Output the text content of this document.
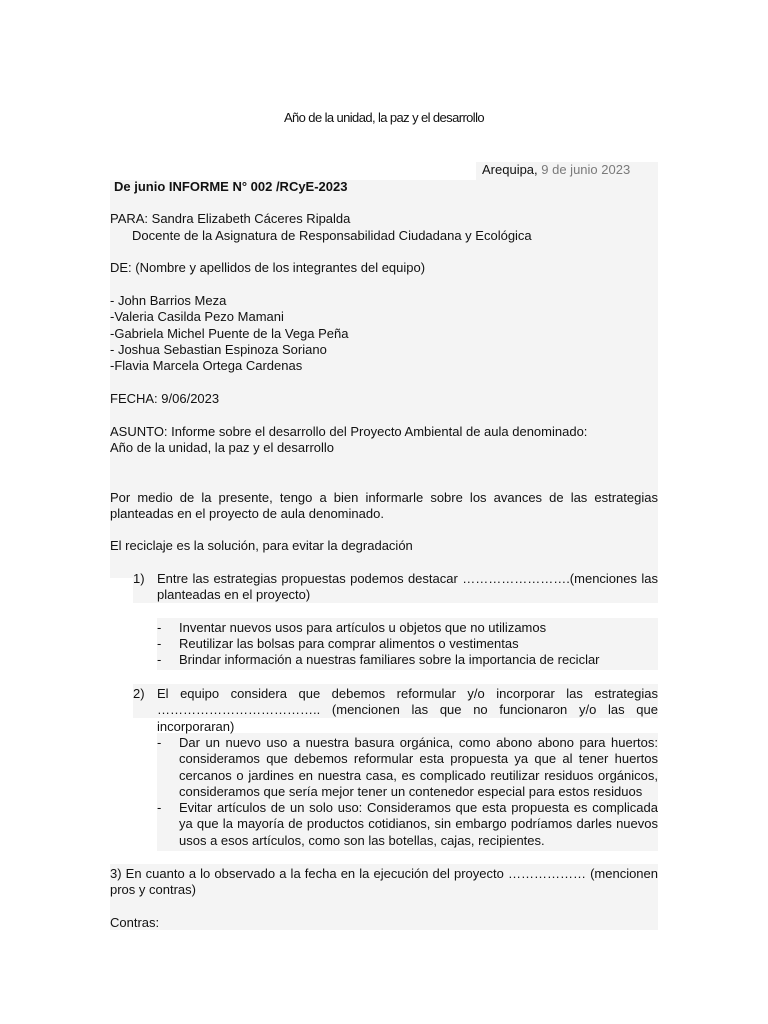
Año de la unidad, la paz y el desarrollo
Arequipa, 9 de junio 2023
De junio INFORME N° 002 /RCyE-2023
PARA: Sandra Elizabeth Cáceres Ripalda
Docente de la Asignatura de Responsabilidad Ciudadana y Ecológica
DE: (Nombre y apellidos de los integrantes del equipo)
- John Barrios Meza
-Valeria Casilda Pezo Mamani
-Gabriela Michel Puente de la Vega Peña
- Joshua Sebastian Espinoza Soriano
-Flavia Marcela Ortega Cardenas
FECHA: 9/06/2023
ASUNTO: Informe sobre el desarrollo del Proyecto Ambiental de aula denominado:
Año de la unidad, la paz y el desarrollo
Por medio de la presente, tengo a bien informarle sobre los avances de las estrategias planteadas en el proyecto de aula denominado.
El reciclaje es la solución, para evitar la degradación
1) Entre las estrategias propuestas podemos destacar …………………….(menciones las planteadas en el proyecto)
- Inventar nuevos usos para artículos u objetos que no utilizamos
- Reutilizar las bolsas para comprar alimentos o vestimentas
- Brindar información a nuestras familiares sobre la importancia de reciclar
2) El equipo considera que debemos reformular y/o incorporar las estrategias ……………………………….. (mencionen las que no funcionaron y/o las que incorporaran)
- Dar un nuevo uso a nuestra basura orgánica, como abono abono para huertos: consideramos que debemos reformular esta propuesta ya que al tener huertos cercanos o jardines en nuestra casa, es complicado reutilizar residuos orgánicos, consideramos que sería mejor tener un contenedor especial para estos residuos
- Evitar artículos de un solo uso: Consideramos que esta propuesta es complicada ya que la mayoría de productos cotidianos, sin embargo podríamos darles nuevos usos a esos artículos, como son las botellas, cajas, recipientes.
3) En cuanto a lo observado a la fecha en la ejecución del proyecto ……………… (mencionen pros y contras)
Contras:
